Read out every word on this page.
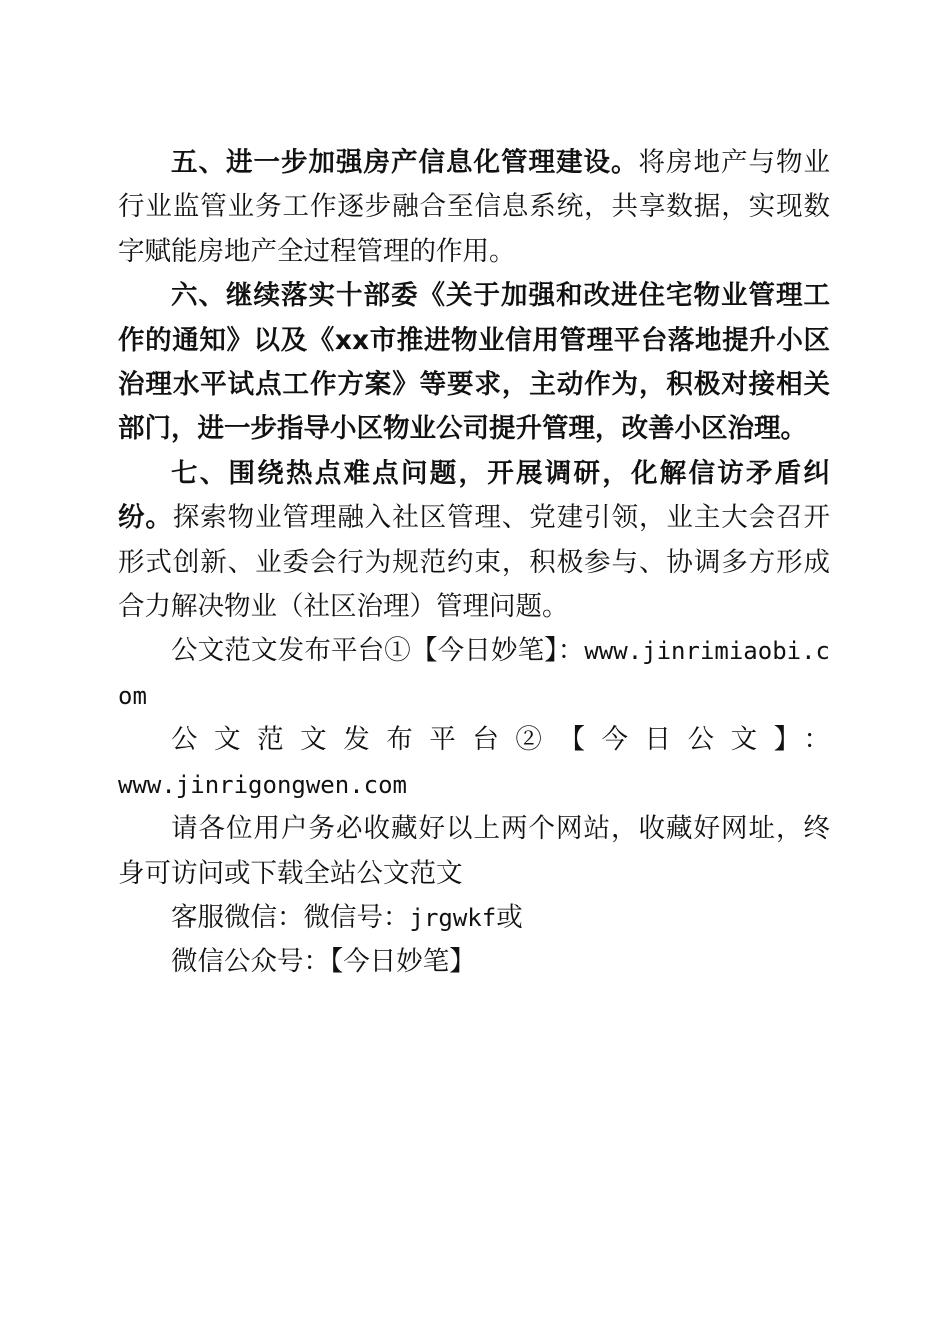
五、进一步加强房产信息化管理建设。将房地产与物业行业监管业务工作逐步融合至信息系统，共享数据，实现数字赋能房地产全过程管理的作用。

六、继续落实十部委《关于加强和改进住宅物业管理工作的通知》以及《xx市推进物业信用管理平台落地提升小区治理水平试点工作方案》等要求，主动作为，积极对接相关部门，进一步指导小区物业公司提升管理，改善小区治理。

七、围绕热点难点问题，开展调研，化解信访矛盾纠纷。探索物业管理融入社区管理、党建引领，业主大会召开形式创新、业委会行为规范约束，积极参与、协调多方形成合力解决物业（社区治理）管理问题。

公文范文发布平台①【今日妙笔】：www.jinrimiaobi.com

公文范文发布平台②【今日公文】：

www.jinrigongwen.com

请各位用户务必收藏好以上两个网站，收藏好网址，终身可访问或下载全站公文范文

客服微信：微信号：jrgwkf或

微信公众号：【今日妙笔】
